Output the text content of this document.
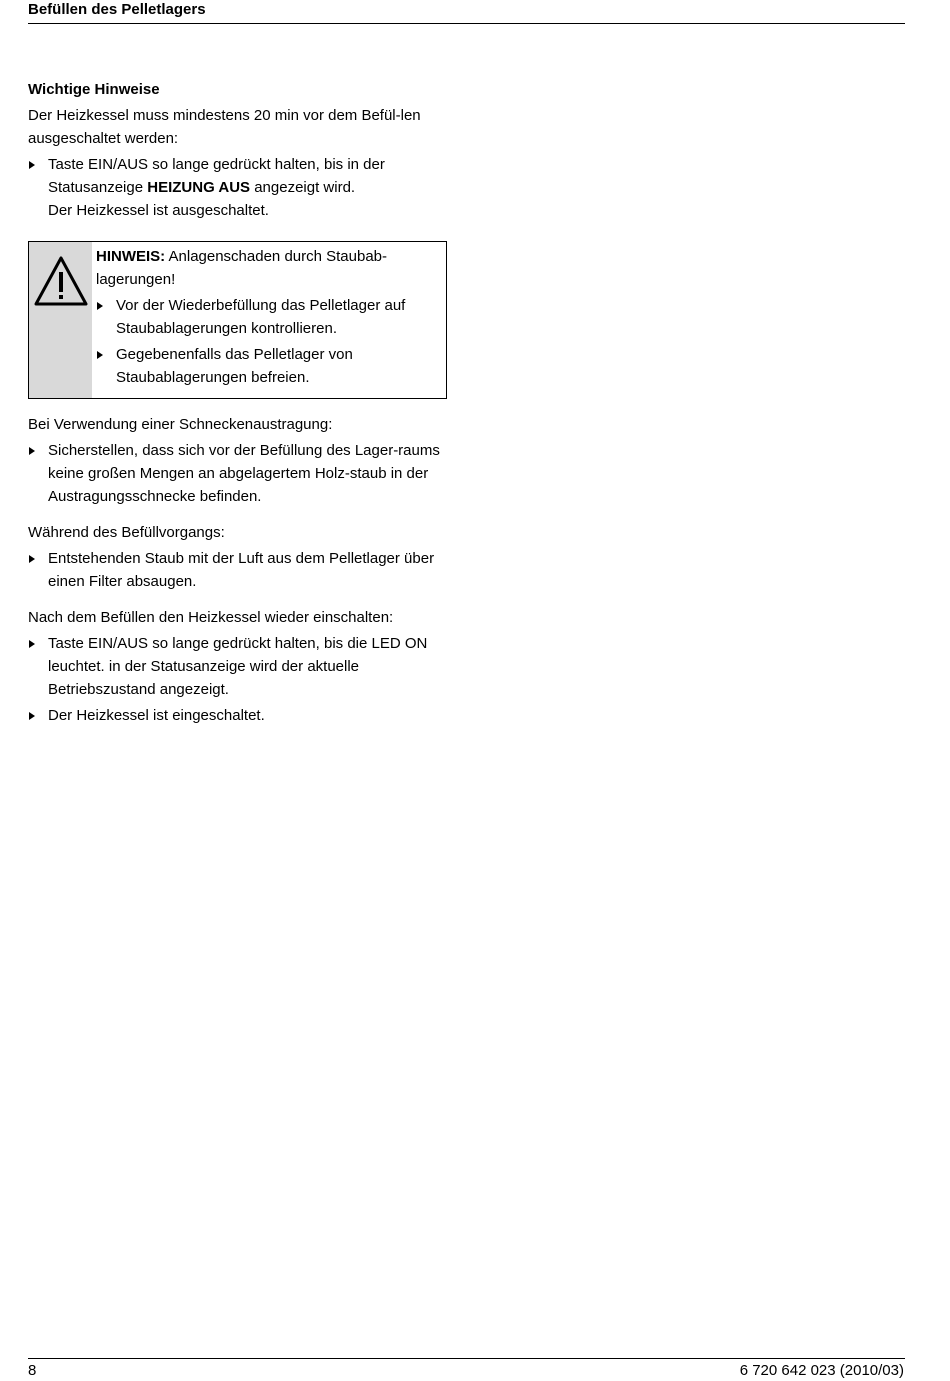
Befüllen des Pelletlagers
Wichtige Hinweise

Der Heizkessel muss mindestens 20 min vor dem Befül-len ausgeschaltet werden:

Taste EIN/AUS so lange gedrückt halten, bis in der Statusanzeige HEIZUNG AUS angezeigt wird.
Der Heizkessel ist ausgeschaltet.
HINWEIS: Anlagenschaden durch Staubab-lagerungen!
Vor der Wiederbefüllung das Pelletlager auf Staubablagerungen kontrollieren.
Gegebenenfalls das Pelletlager von Staubablagerungen befreien.

Bei Verwendung einer Schneckenaustragung:

Sicherstellen, dass sich vor der Befüllung des Lager-raums keine großen Mengen an abgelagertem Holz-staub in der Austragungsschnecke befinden.

Während des Befüllvorgangs:

Entstehenden Staub mit der Luft aus dem Pelletlager über einen Filter absaugen.

Nach dem Befüllen den Heizkessel wieder einschalten:

Taste EIN/AUS so lange gedrückt halten, bis die LED ON leuchtet. in der Statusanzeige wird der aktuelle Betriebszustand angezeigt.
Der Heizkessel ist eingeschaltet.
8	6 720 642 023 (2010/03)
